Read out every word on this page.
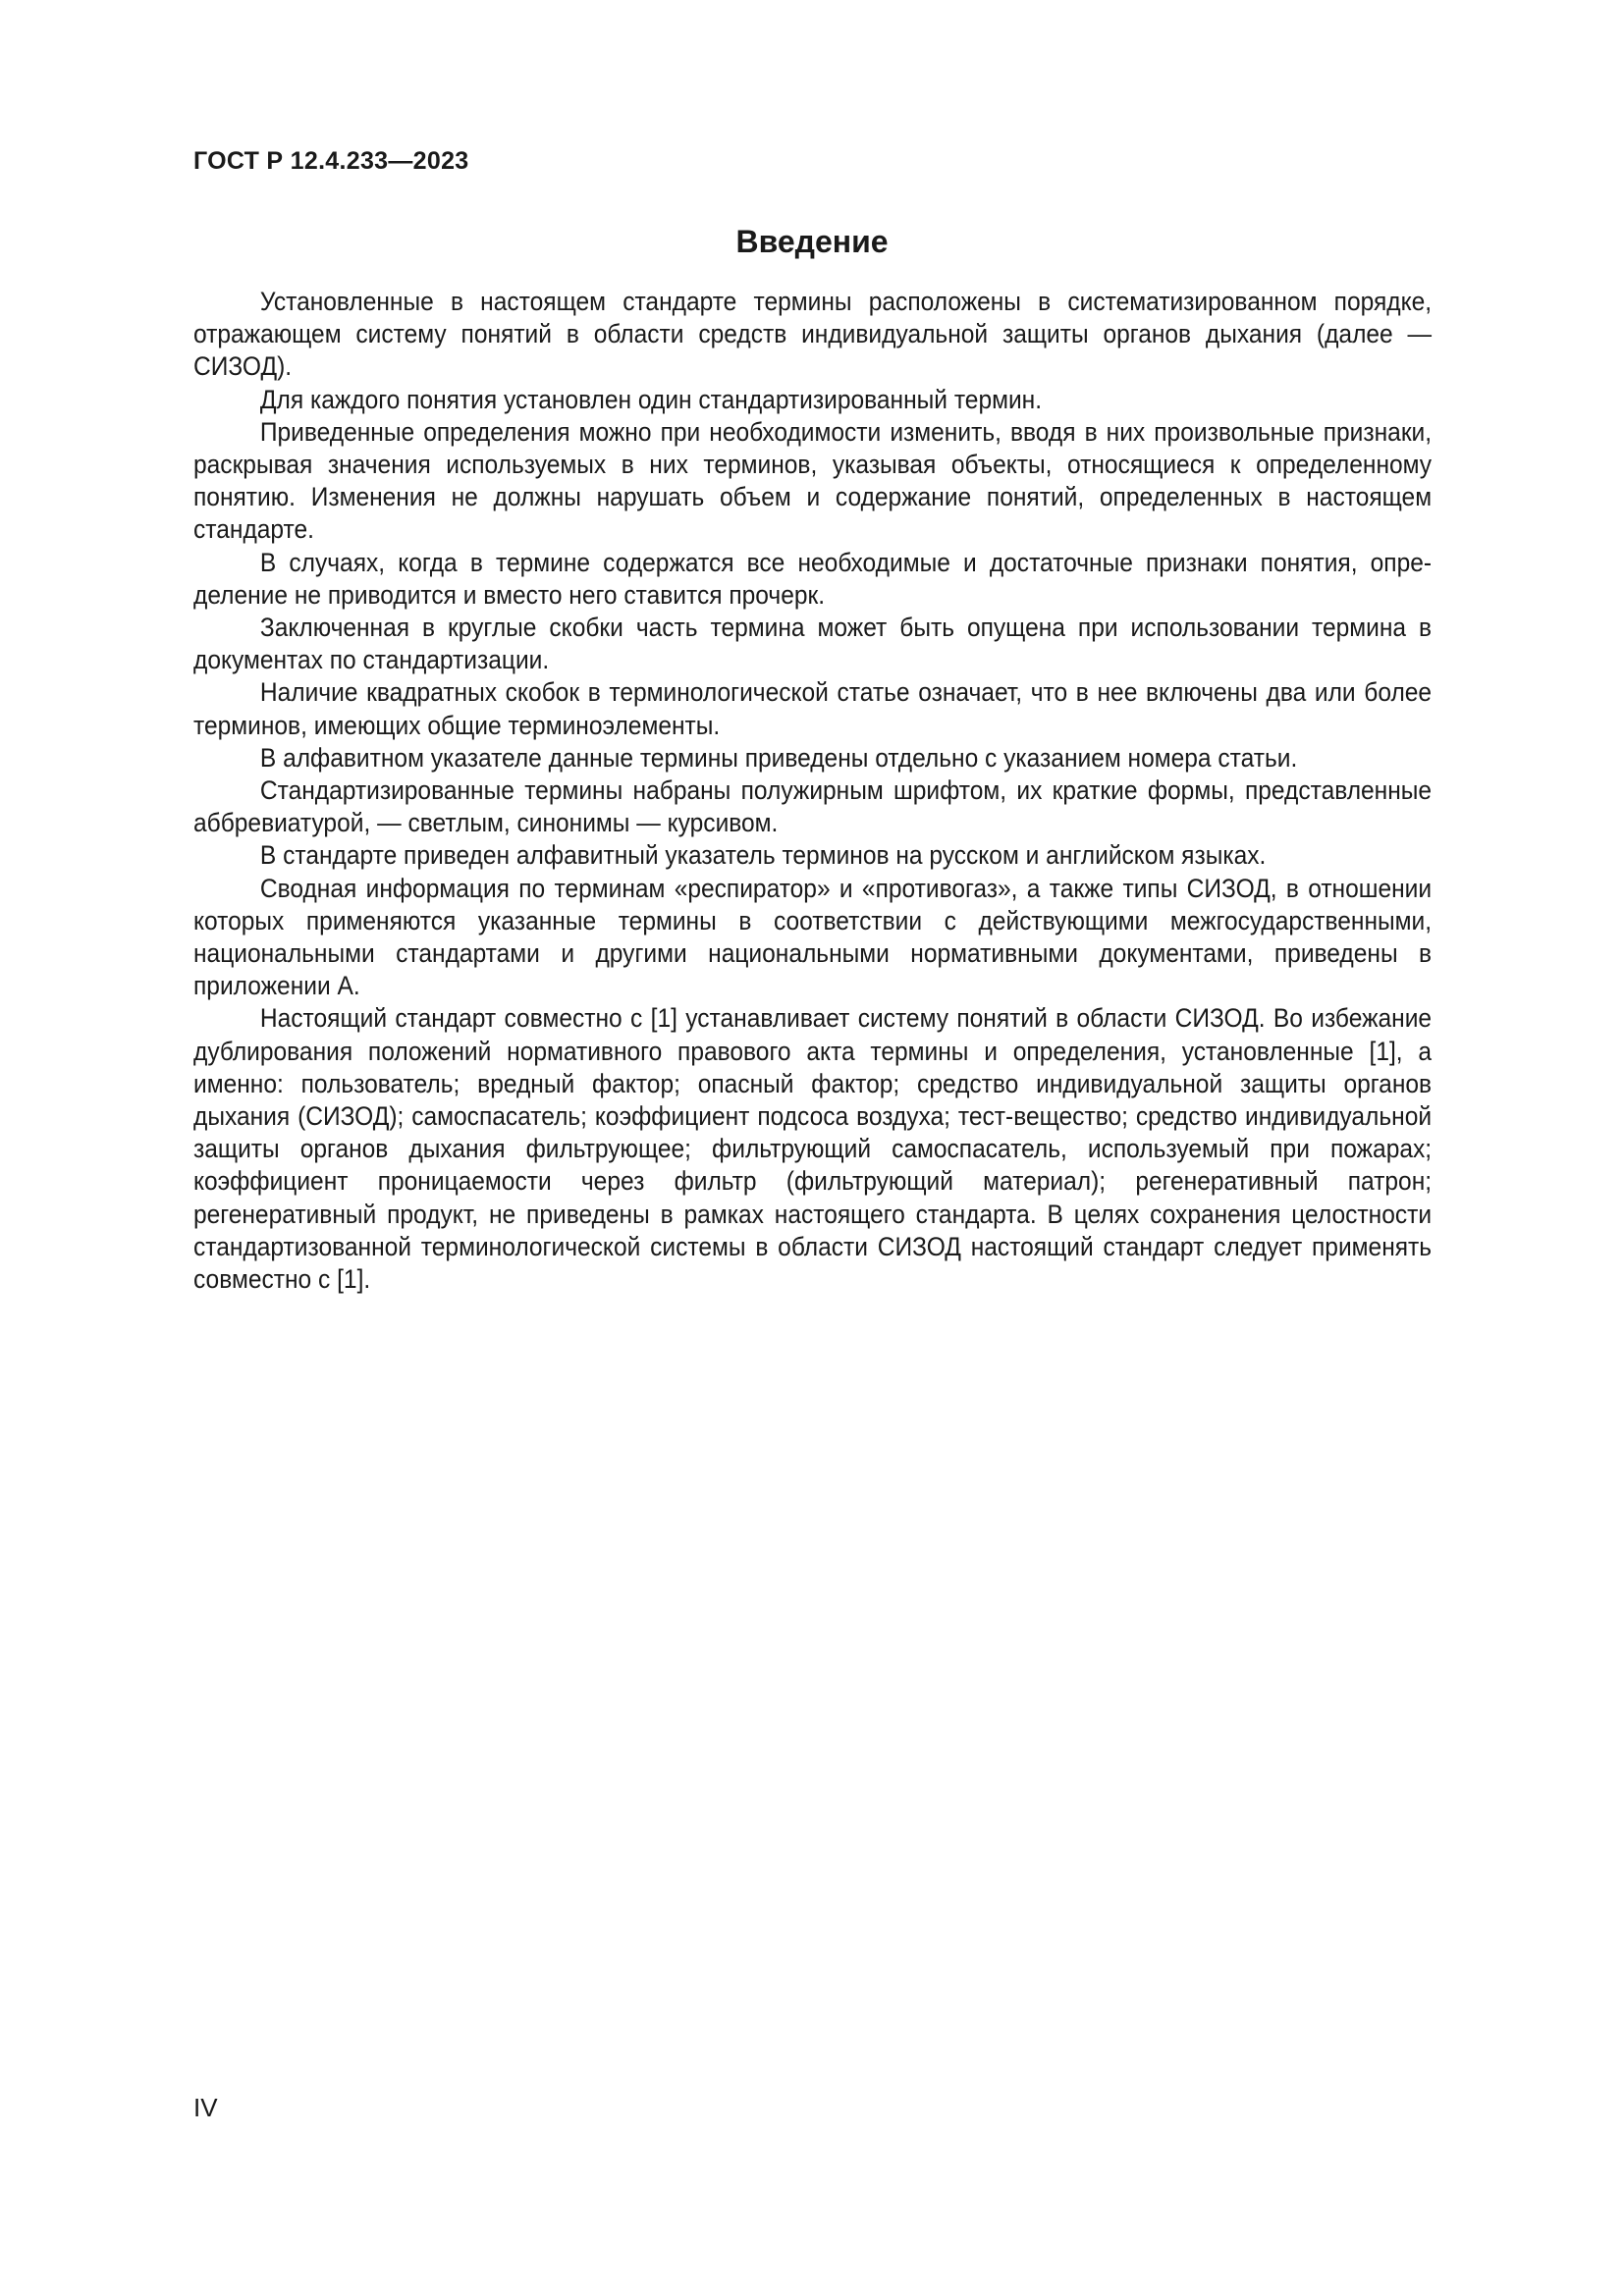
ГОСТ Р 12.4.233—2023

Введение

Установленные в настоящем стандарте термины расположены в систематизированном порядке, отражающем систему понятий в области средств индивидуальной защиты органов дыхания (далее — СИЗОД).

Для каждого понятия установлен один стандартизированный термин.

Приведенные определения можно при необходимости изменить, вводя в них произвольные признаки, раскрывая значения используемых в них терминов, указывая объекты, относящиеся к определенному понятию. Изменения не должны нарушать объем и содержание понятий, определенных в настоящем стандарте.

В случаях, когда в термине содержатся все необходимые и достаточные признаки понятия, определение не приводится и вместо него ставится прочерк.

Заключенная в круглые скобки часть термина может быть опущена при использовании термина в документах по стандартизации.

Наличие квадратных скобок в терминологической статье означает, что в нее включены два или более терминов, имеющих общие терминоэлементы.

В алфавитном указателе данные термины приведены отдельно с указанием номера статьи.

Стандартизированные термины набраны полужирным шрифтом, их краткие формы, представленные аббревиатурой, — светлым, синонимы — курсивом.

В стандарте приведен алфавитный указатель терминов на русском и английском языках.

Сводная информация по терминам «респиратор» и «противогаз», а также типы СИЗОД, в отношении которых применяются указанные термины в соответствии с действующими межгосударственными, национальными стандартами и другими национальными нормативными документами, приведены в приложении А.

Настоящий стандарт совместно с [1] устанавливает систему понятий в области СИЗОД. Во избежание дублирования положений нормативного правового акта термины и определения, установленные [1], а именно: пользователь; вредный фактор; опасный фактор; средство индивидуальной защиты органов дыхания (СИЗОД); самоспасатель; коэффициент подсоса воздуха; тест-вещество; средство индивидуальной защиты органов дыхания фильтрующее; фильтрующий самоспасатель, используемый при пожарах; коэффициент проницаемости через фильтр (фильтрующий материал); регенеративный патрон; регенеративный продукт, не приведены в рамках настоящего стандарта. В целях сохранения целостности стандартизованной терминологической системы в области СИЗОД настоящий стандарт следует применять совместно с [1].

IV
